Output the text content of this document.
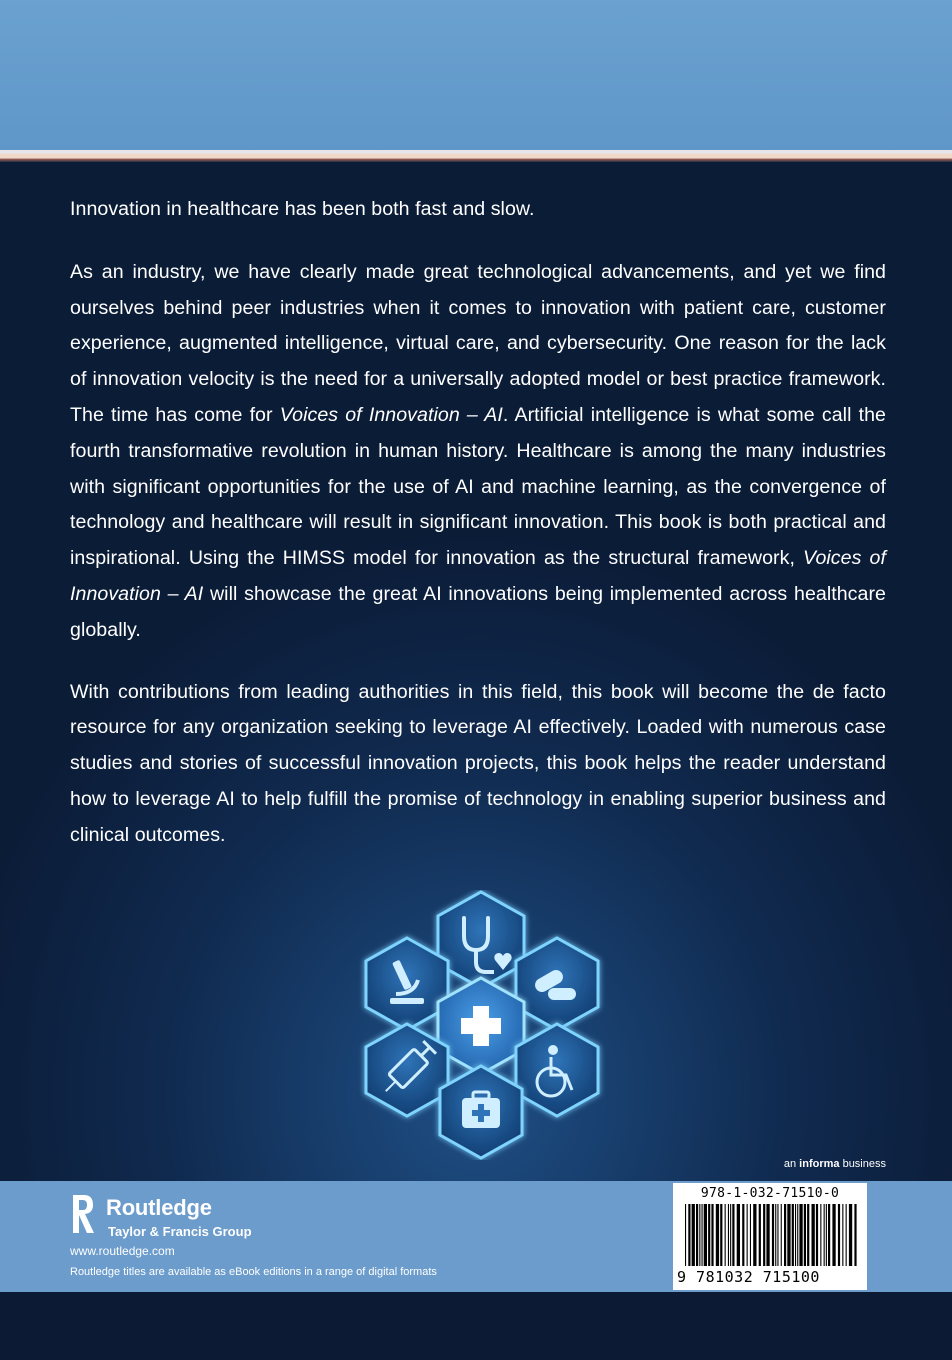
Innovation in healthcare has been both fast and slow.

As an industry, we have clearly made great technological advancements, and yet we find ourselves behind peer industries when it comes to innovation with patient care, customer experience, augmented intelligence, virtual care, and cybersecurity. One reason for the lack of innovation velocity is the need for a universally adopted model or best practice framework. The time has come for Voices of Innovation – AI. Artificial intelligence is what some call the fourth transformative revolution in human history. Healthcare is among the many industries with significant opportunities for the use of AI and machine learning, as the convergence of technology and healthcare will result in significant innovation. This book is both practical and inspirational. Using the HIMSS model for innovation as the structural framework, Voices of Innovation – AI will showcase the great AI innovations being implemented across healthcare globally.

With contributions from leading authorities in this field, this book will become the de facto resource for any organization seeking to leverage AI effectively. Loaded with numerous case studies and stories of successful innovation projects, this book helps the reader understand how to leverage AI to help fulfill the promise of technology in enabling superior business and clinical outcomes.

an informa business
Routledge
Taylor & Francis Group
www.routledge.com
Routledge titles are available as eBook editions in a range of digital formats
978-1-032-71510-0
9 781032 715100
